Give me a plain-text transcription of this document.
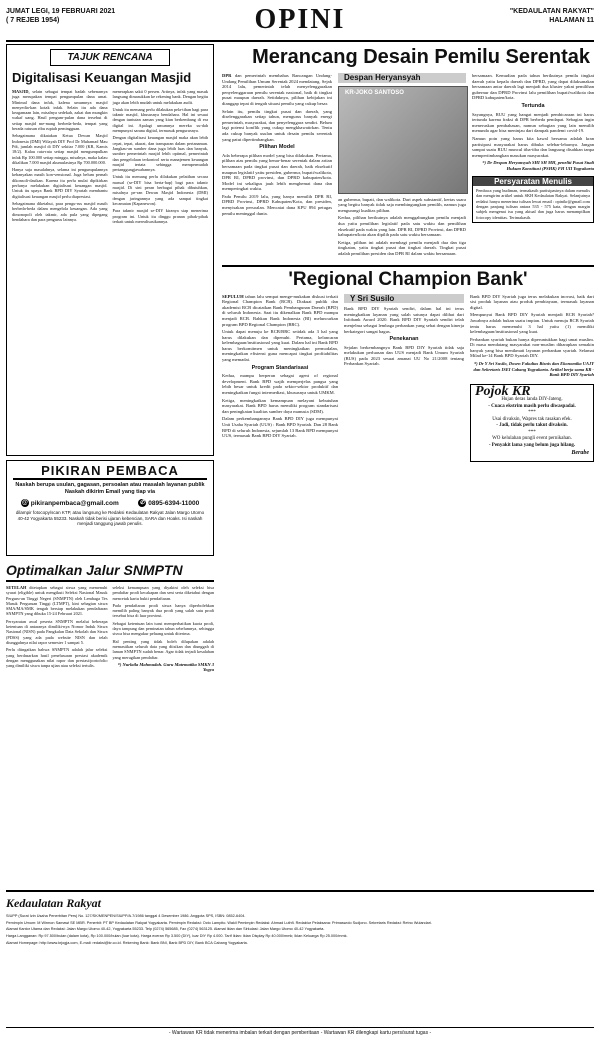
JUMAT LEGI, 19 FEBRUARI 2021
( 7 REJEB 1954)	OPINI	"KEDAULATAN RAKYAT"
HALAMAN 11
TAJUK RENCANA
Digitalisasi Keuangan Masjid

MASJID, selain sebagai tempat badah sebenarnya juga merupakan tempat pengumpulan dana umat. Minimal dana infak, kalena umumnya masjid menyedia-kan kotak infak. Selain itu ada dana keagamaan lain, misalnya sedekah, zakat dan mungkin wakaf uang. Hasil pengum-pulan dana tersebut di setiap masjid me-mang berbeda-beda, tempat yang berada ratusan ribu rupiah pemingguan.

Sebagaimana dikatakan Ketua Dewan Masjid Indonesia (DMI) Wilayah DIY Prof Dr Muhamad Mau Pdt, jumlah masjid di DIY sekitar 7.000 (KR, Kamis 18/2). Kalau rata-rata setiap masjid mengumpulkan infak Rp 100.000 setiap minggu, misalnya, maka kalau dikalikan 7.000 masjid akumulasinya Rp 700.000.000.

Hanya saja masalahnya, selama ini pengumpulannya kebanyakan masih kon-vensional. Juga belum pernah dikonsoli-dasikan. Karena itu perlu mulai dipikirkan perlunya melakukan digitalisasi keuangan masjid. Untuk itu upaya Bank BPD DIY Syariah membantu digitalisasi keuangan masjid perlu diapresiasi.

Sebagaimana diketahui, para pengu-rus masjid masih berbeda-beda dalam mengelola keuangan. Ada yang dimonopoli oleh takmir, ada pula yang dipegang bendahara dan para pengurus lainnya.

menerapkan sakti 0 persen. Artinya, infak yang masuk langsung dimasukkan ke rekening bank. Dengan begitu juga akan lebih mudah untuk melakukan audit.

Untuk itu memang perlu dilakukan pela-tihan bagi para takmir masjid, khususnya bendahara. Hal ini sesuai dengan tuntutan zaman yang kian berkembang di era digital ini. Apalagi umumnya mereka su-dah mempunyai sarana digital, termasuk pengurusnya.

Dengan digitalisasi keuangan masjid maka akan lebih cepat, tepat, akurat, dan transparan dalam pertanaman. Jangkau-an sumber dana juga lebih luas dan banyak, sumber pemerintah masjid lebih optimal, pemerintah dan pengelolaan terkontrol serta manajemen keuangan masjid tertata sehingga mempermudah pertanggungjawabannya.

Untuk itu memang perlu dilakukan pelatihan secara massal (se-DIY bisa berta-hap) bagi para takmir masjid. Di sini peran berbagai pihak dibutuhkan, misalnya pe-ran Dewan Masjid Indonesia (DMI) dengan jaringannya yang ada sampai tingkat kecamatan (Kapanewon).

Para takmir masjid se-DIY kiranya siap menerima program ini. Untuk itu dinggu pranan pihak-pihak terkait untuk merealisasikannya.

PIKIRAN PEMBACA
Naskah berupa usulan, gagasan, persoalan atau masalah layanan publik Naskah dikirim Email yang tiap via
@ pikiranpembaca@gmail.com	✆ 0895-6394-11000
dilampir fotocopy/scan KTP, atau langsung ke Redaksi Kedaulatan Rakyat Jalan Margo Utomo 40-42 Yogyakarta 55233. Naskah tidak berisi ujaran kebencian, SARA dan Hoaks. Isi naskah menjadi tanggung jawab penulis.
Optimalkan Jalur SNMPTN

SETELAH ditetapkan sebagai siswa yang memenuhi syarat (eligible) untuk mengikuti Seleksi Nasional Masuk Perguru-an Tinggi Negeri (SNMPTN) oleh Lembaga Tes Masuk Perguruan Tinggi (LTMPT), kini sebagian siswa SMA/MA/SMK tengah bersiap melakukan pendaftaran SNMPTN yang dibuka 15-24 Februari 2021.

Persyaratan awal peserta SNMPTN melalui beberapa ketentuan di antaranya dimiliki-nya Nomor Induk Siswa Nasional (NISN) pada Pangkalan Data Sekolah dan Siswa (PDSS) yang ada pada website NISN dan telah diunggahnya nilai rapor semester 1 sampai 5.

Perlu diingatkan bahwa SNMPTN adalah jalur seleksi yang berdasarkan hasil penelusuran prestasi akademik dengan menggunakan nilai rapor dan prestasi/portofolio yang dimiliki siswa tanpa ujian atau seleksi tertulis.

seleksi kemampuan yang diyakini oleh seleksi bisa pendaftar prodi kecakapan dan seni serta diketahui dengan mencetak kartu bukti pendaftaran.

Pada pendaftaran prodi siswa hanya diperbolehkan memilih paling banyak dua prodi yang salah satu prodi tersebut bisa di luar provinsi.

Sebagai ketentuan lain turut memperhatikan kuota prodi, daya tampung dan peminatan tahun sebelumnya, sehingga siswa bisa mengukur peluang untuk diterima.

Hal penting yang tidak boleh dilupakan adalah memastikan seluruh data yang diisikan dan diunggah di laman SNMPTN sudah benar. Agar tidak terjadi kesalahan yang merugikan pendaftar.

*) Nurlaila Mahmudah. Guru Matematika SMKN 3 Yogya
Merancang Desain Pemilu Serentak

DPR dan pemerintah membahas Rancangan Undang-Undang Pemilihan Umum Serentak 2024 mendatang. Sejak 2014 lalu, pemerintah telah menyelenggarakan penyelenggaraan pemilu serentak nasional, baik di tingkat pusat maupun daerah. Setidaknya, pilihan kebijakan ini dianggap tepat di tengah situasi pemilu yang cukup besar.

Selain itu, pemilu tingkat pusat dan daerah, yang diselenggarakan setiap tahun, mengurus banyak energi pemerintah, masyarakat, dan penyelenggara sendiri. Belum lagi potensi konflik yang cukup mengkhawatirkan. Tentu ada cukup banyak usulan untuk desain pemilu serentak yang patut dipertimbangkan.

Pilihan Model

Ada beberapa pilihan model yang bisa dilakukan. Pertama, pilihan atas pemilu yang benar-benar serentak dalam artian bersamaan pada tingkat pusat dan daerah, baik eksekutif maupun legislatif yaitu presiden, gubernur, bupati/walikota, DPR RI, DPRD provinsi, dan DPRD kabupaten/kota. Model ini sekaligus jauh lebih menghemat dana dan memperingkat waktu.

Pada Pemilu 2019 lalu, yang hanya memilih DPR RI, DPRD Provinsi, DPRD Kabupaten/Kota, dan presiden, menyisakan persoalan. Mencatat dana KPU 894 petugas pemilu meninggal dunia.

Despan Heryansyah
KR-JOKO SANTOSO

an gubernur, bupati, dan walikota. Dari aspek substantif, kertas suara yang begitu banyak tidak saja membingungkan pemilih, namun juga mengurangi kualitas pilihan.

Kedua, pilihan berikutnya adalah menggabungkan pemilu menjadi dua yaitu pemilihan legislatif pada satu waktu dan pemilihan eksekutif pada waktu yang lain. DPR RI, DPRD Provinsi, dan DPRD kabupaten/kota akan dipilih pada satu waktu bersamaan.

Ketiga, pilihan ini adalah membagi pemilu menjadi dua dan tiga tingkatan, yaitu tingkat pusat dan tingkat daerah. Tingkat pusat adalah pemilihan presiden dan DPR RI dalam waktu bersamaan.

bersamaan. Kemudian pada tahun berikutnya pemilu tingkat daerah yaitu kepala daerah dan DPRD, yang dapat dilaksanakan bersamaan antar daerah lagi menjadi dua kluster yakni pemilihan gubernur dan DPRD Provinsi lalu pemilihan bupati/walikota dan DPRD kabupaten/kota.

Tertunda

Sayangnya, RUU yang hangat menjadi pembicaraan ini harus tertunda karena fraksi di DPR berbeda pendapat. Sebagian ingin meneruskan pembahasan, namun sebagian yang lain memilih menunda agar bisa meninjau dari dampak pandemi covid-19.

Namun poin yang harus kita kawal bersama adalah kran partisipasi masyarakat harus dibuka selebar-lebarnya. Jangan sampai suatu RUU muncul tiba-tiba dan langsung disahkan tanpa mempertimbangkan masukan masyarakat.

*) Dr Despan Heryansyah SHI SH MH, peneliti Pusat Studi Hukum Konstitusi (PSHK) FH UII Yogyakarta
Persyaratan Menulis
Pembaca yang budiman, termakasih partisipasinya dalam menulis dan mengirim artikel untuk SKH Kedaulatan Rakyat. Selanjutnya redaksi hanya menerima tulisan lewat email : opinikr@gmail.com dengan panjang tulisan antara 535 - 575 kata, dengan margin subjek mengenai isu yang aktual dan juga harus menampilkan fotocopy identitas. Terimakasih.
'Regional Champion Bank'

SEPULUH tahun lalu sempat menge-mukakan diskusi terkait Regional Champion Bank (RCB). Diakuai publik dan akademisi RCB dicatatkan Bank Pembangunan Daerah (BPD) di seluruh Indonesia. Saat itu dikenalkan Bank BPD mampu menjadi RCB. Bahkan Bank Indonesia (BI) meluncurkan program BPD Regional Champion (BRC).

Untuk dapat menuju ke RCB/BRC setidak ada 3 hal yang harus dilakukan dan dipenuhi. Pertama, kelancaran kelembagaan/institusional yang kuat. Dalam hal ini Bank BPD harus berkomitmen untuk meningkatkan permodalan, meningkatkan efisiensi guna mencapai tingkat profitabilitas yang memadai.

Program Standarisasi

Kedua, mampu berperan sebagai agent of regional development. Bank BPD wajib memperjelas pangsa yang lebih besar untuk kredit pada sektor-sektor produktif dan meningkatkan fungsi intermediasi, khususnya untuk UMKM.

Ketiga, meningkatkan kemampuan melayani kebutuhan masyarakat. Bank BPD harus memiliki program standarisasi dan peningkatan kualitas sumber daya manusia (SDM).

Dalam perkembangannya Bank BPD DIY juga mempunyai Unit Usaha Syariah (UUS) : Bank BPD Syariah. Dan 28 Bank BPD di seluruh Indonesia, sejumlah 13 Bank BPD mempunyai UUS, termasuk Bank BPD DIY Syariah.

Y Sri Susilo

Bank BPD DIY Syariah sendiri, dalam hal ini terus meningkatkan layanan yang salah satunya dapat dilihat dari Infobank Award 2020. Bank BPD DIY Syariah sendiri telah menjelma sebagai lembaga perbankan yang sehat dengan kinerja berkategori sangat bagus.

Penekanan

Sejalan berkembangnya Bank BPD DIY Syariah tidak saja melakukan perluasan dan UUS menjadi Bank Umum Syariah (BUS) pada 2023 sesuai amanat UU No 21/2008 tentang Perbankan Syariah.

Bank BPD DIY Syariah juga terus melakukan inovasi, baik dari sisi produk layanan atau produk pembiayaan, termasuk layanan digital.

Mempunyai Bank BPD DIY Syariah menjadi RCB Syariah? Jawabnya adalah bukan suatu impian. Untuk menuju RCB Syariah tentu harus memenuhi 3 hal yaitu (1) memiliki kelembagaan/institusional yang kuat.

Perbankan syariah bukan hanya diperuntukkan bagi umat muslim. Di masa mendatang masyarakat non-muslim diharapkan semakin banyak yang bisa menikmati layanan perbankan syariah. Selamat Milad ke-14 Bank BPD Syariah DIY.

*) Dr Y Sri Susilo, Dosen Fakultas Bisnis dan Ekonomika UAJY dan Sekretaris ISEI Cabang Yogyakarta. Artikel berja sama KR - Bank BPD DIY Syariah
Pojok KR
Hujan deras landa DIY-Jateng.
- Cuaca ekstrim masih perlu diwaspadai.
***
Usai divaksin, Wapres tak rasakan efek.
- Jadi, tidak perlu takut divaksin.
***
WO kelulahan pungli event pernikahan.
- Penyakit lama yang belum juga hilang.
Berabe
Kedaulatan Rakyat

SIUPP (Surat Izin Usaha Penerbitan Pers) No. 127/SK/MENPEN/SIUPP/A.7/1986 tanggal 4 Desember 1986. Anggota SPS, ISBN: 0852-6404.

Pemimpin Umum: M Wirmon Samawi SE MBR. Penerbit: PT BP Kedaulatan Rakyat Yogyakarta. Pemimpin Redaksi: Octo Lampito. Wakil Pemimpin Redaksi: Ahmad Luthfi. Redaktur Pelaksana: Primaswolo Sudjono. Sekretaris Redaksi: Retno Wulandari.

Alamat Kantor Utama dan Redaksi: Jalan Margo Utomo 40-42, Yogyakarta 55233. Telp (0274) 565685, Fax (0274) 563125. Alamat Iklan dan Sirkulasi: Jalan Margo Utomo 40-42 Yogyakarta.

Harga Langganan: Rp 97.500/bulan (dalam kota), Rp 100.000/bulan (luar kota). Harga eceran Rp 3.500 (DIY), luar DIY Rp 4.000. Tarif Iklan: Iklan Display Rp 40.000/mmk; Iklan Keluarga Rp 25.000/mmk.

Alamat Homepage: http://www.krjogja.com, E-mail: redaksi@kr.co.id. Rekening Bank: Bank BNI, Bank BPD DIY, Bank BCA Cabang Yogyakarta.

- Wartawan KR tidak menerima imbalan terkait dengan pemberitaan - Wartawan KR dilengkapi kartu pers/surat tugas -
